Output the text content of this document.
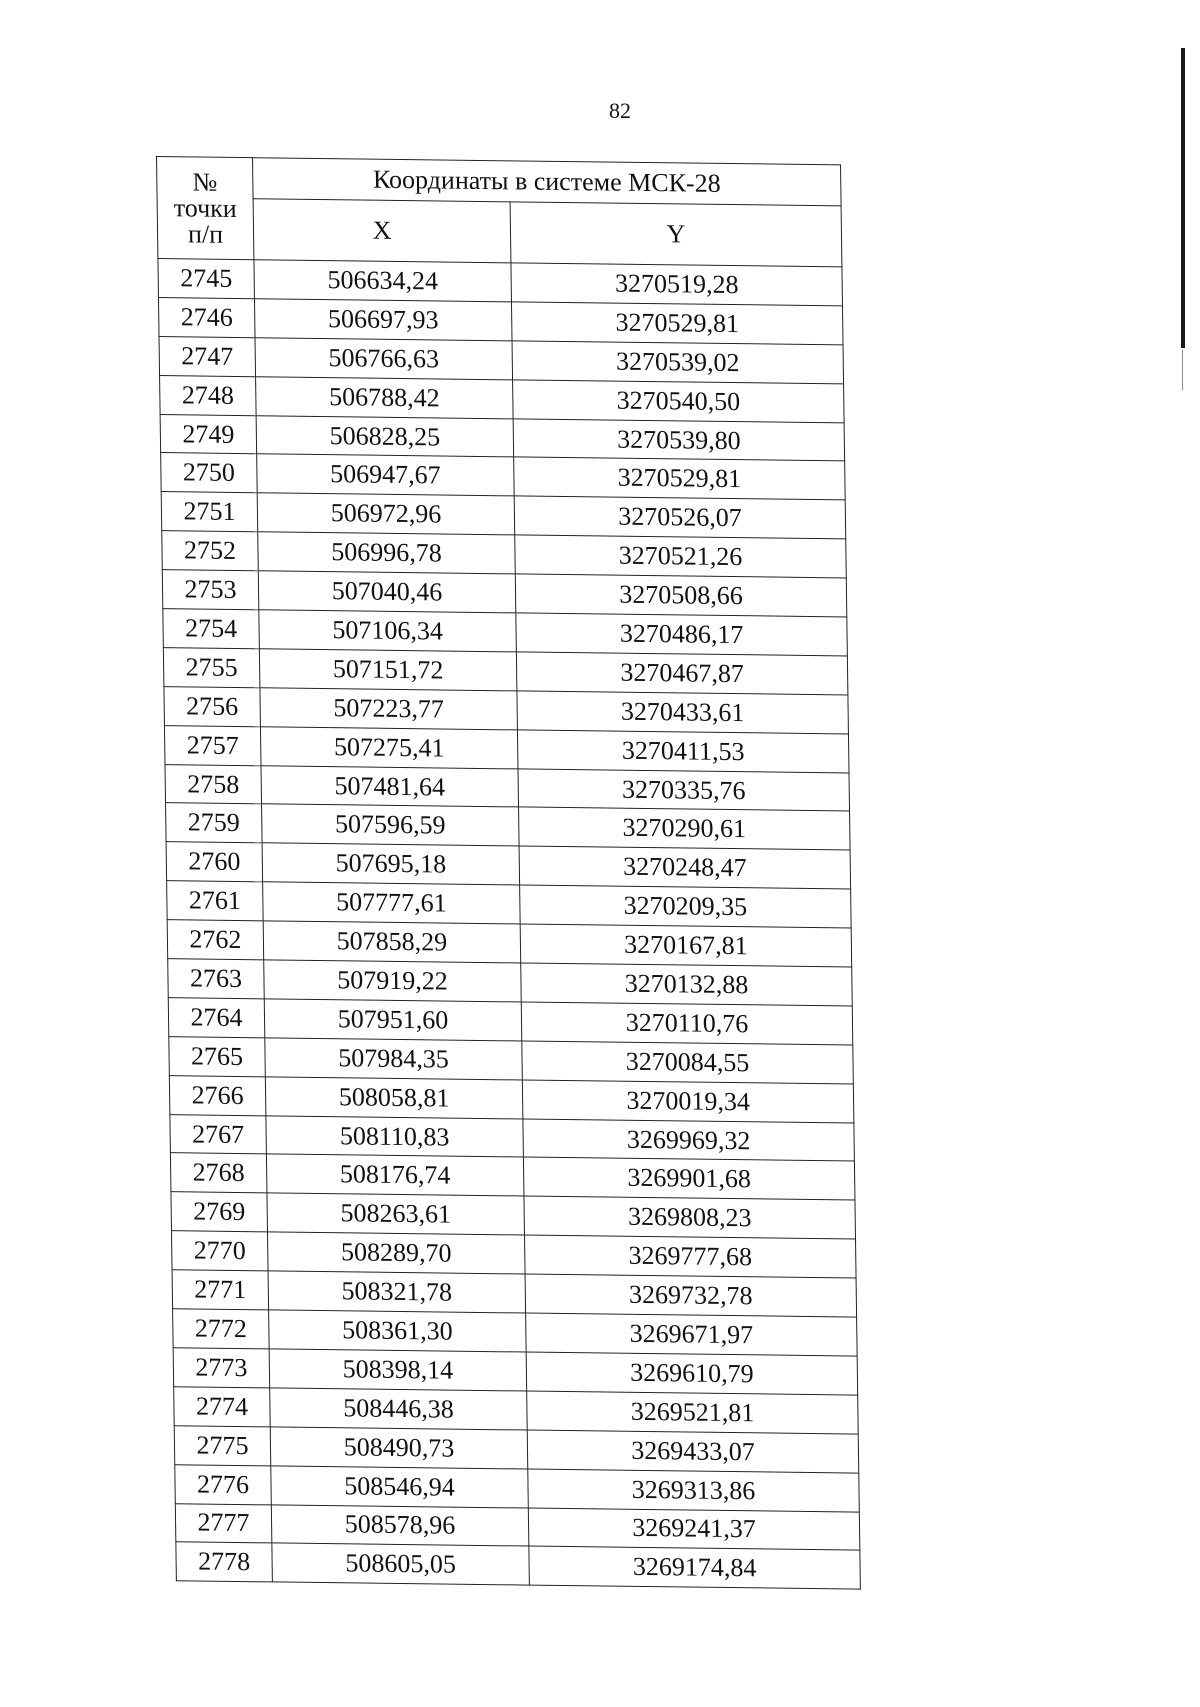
82
№
точки
п/п	Координаты в системе МСК-28	
	X	Y
2745	506634,24	3270519,28
2746	506697,93	3270529,81
2747	506766,63	3270539,02
2748	506788,42	3270540,50
2749	506828,25	3270539,80
2750	506947,67	3270529,81
2751	506972,96	3270526,07
2752	506996,78	3270521,26
2753	507040,46	3270508,66
2754	507106,34	3270486,17
2755	507151,72	3270467,87
2756	507223,77	3270433,61
2757	507275,41	3270411,53
2758	507481,64	3270335,76
2759	507596,59	3270290,61
2760	507695,18	3270248,47
2761	507777,61	3270209,35
2762	507858,29	3270167,81
2763	507919,22	3270132,88
2764	507951,60	3270110,76
2765	507984,35	3270084,55
2766	508058,81	3270019,34
2767	508110,83	3269969,32
2768	508176,74	3269901,68
2769	508263,61	3269808,23
2770	508289,70	3269777,68
2771	508321,78	3269732,78
2772	508361,30	3269671,97
2773	508398,14	3269610,79
2774	508446,38	3269521,81
2775	508490,73	3269433,07
2776	508546,94	3269313,86
2777	508578,96	3269241,37
2778	508605,05	3269174,84
